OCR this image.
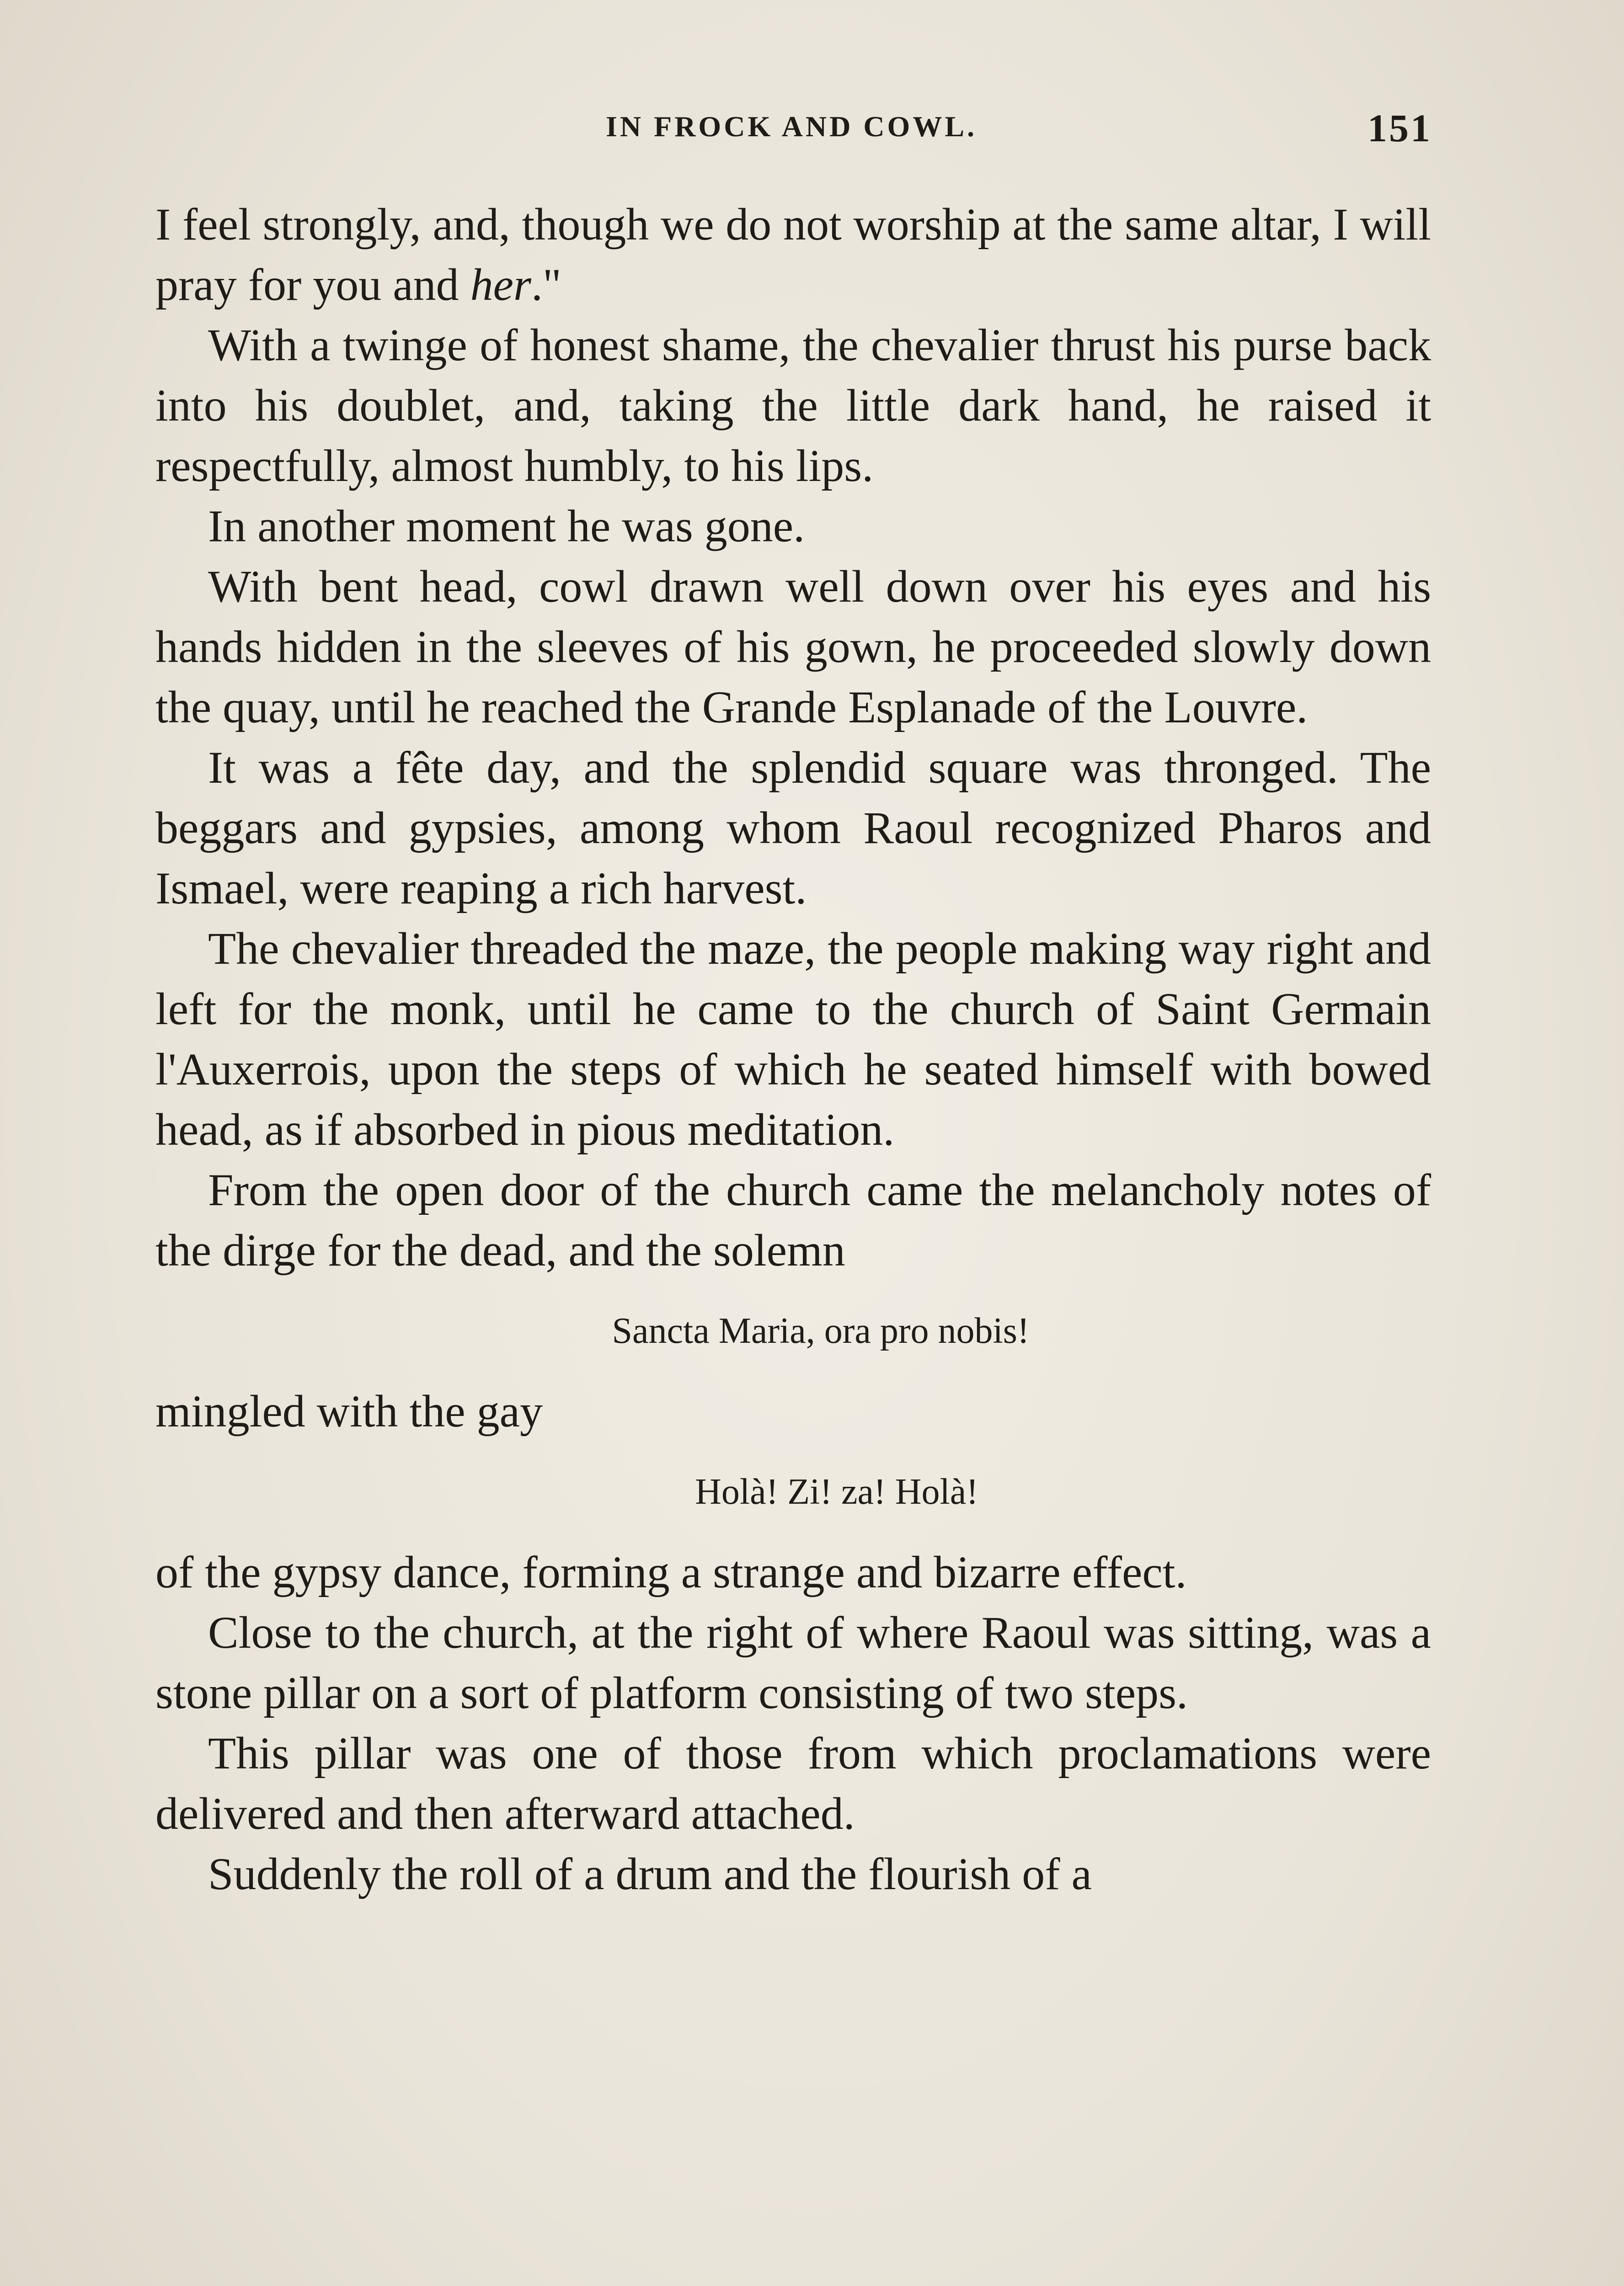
IN FROCK AND COWL.	151

I feel strongly, and, though we do not worship at the same altar, I will pray for you and her."

With a twinge of honest shame, the chevalier thrust his purse back into his doublet, and, taking the little dark hand, he raised it respectfully, almost humbly, to his lips.

In another moment he was gone.

With bent head, cowl drawn well down over his eyes and his hands hidden in the sleeves of his gown, he proceeded slowly down the quay, until he reached the Grande Esplanade of the Louvre.

It was a fête day, and the splendid square was thronged. The beggars and gypsies, among whom Raoul recognized Pharos and Ismael, were reaping a rich harvest.

The chevalier threaded the maze, the people making way right and left for the monk, until he came to the church of Saint Germain l'Auxerrois, upon the steps of which he seated himself with bowed head, as if absorbed in pious meditation.

From the open door of the church came the melancholy notes of the dirge for the dead, and the solemn

Sancta Maria, ora pro nobis!

mingled with the gay

Holà! Zi! za! Holà!

of the gypsy dance, forming a strange and bizarre effect.

Close to the church, at the right of where Raoul was sitting, was a stone pillar on a sort of platform consisting of two steps.

This pillar was one of those from which proclamations were delivered and then afterward attached.

Suddenly the roll of a drum and the flourish of a
